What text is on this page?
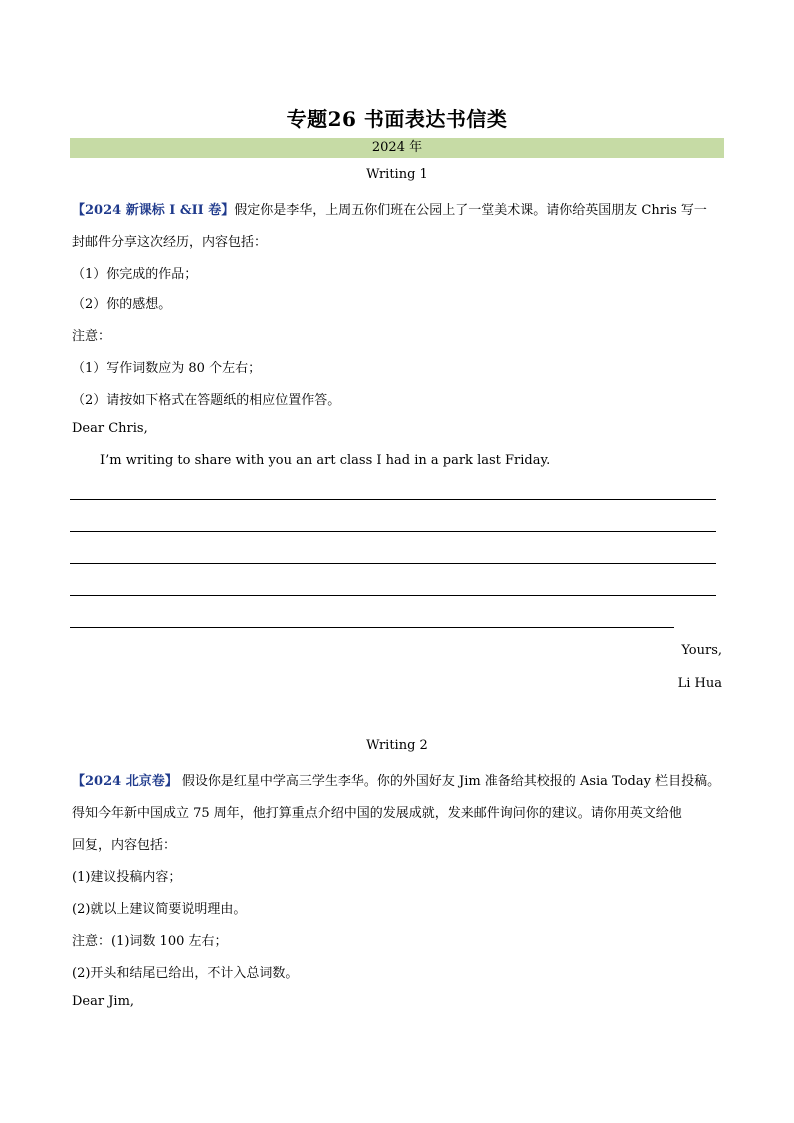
专题26 书面表达书信类
2024 年
Writing 1
【2024 新课标 I &II 卷】假定你是李华，上周五你们班在公园上了一堂美术课。请你给英国朋友 Chris 写一
封邮件分享这次经历，内容包括：
（1）你完成的作品；
（2）你的感想。
注意：
（1）写作词数应为 80 个左右；
（2）请按如下格式在答题纸的相应位置作答。
Dear Chris,
I’m writing to share with you an art class I had in a park last Friday.
Yours,
Li Hua
Writing 2
【2024 北京卷】 假设你是红星中学高三学生李华。你的外国好友 Jim 准备给其校报的 Asia Today 栏目投稿。
得知今年新中国成立 75 周年，他打算重点介绍中国的发展成就，发来邮件询问你的建议。请你用英文给他
回复，内容包括：
(1)建议投稿内容；
(2)就以上建议简要说明理由。
注意：(1)词数 100 左右；
(2)开头和结尾已给出，不计入总词数。
Dear Jim,
